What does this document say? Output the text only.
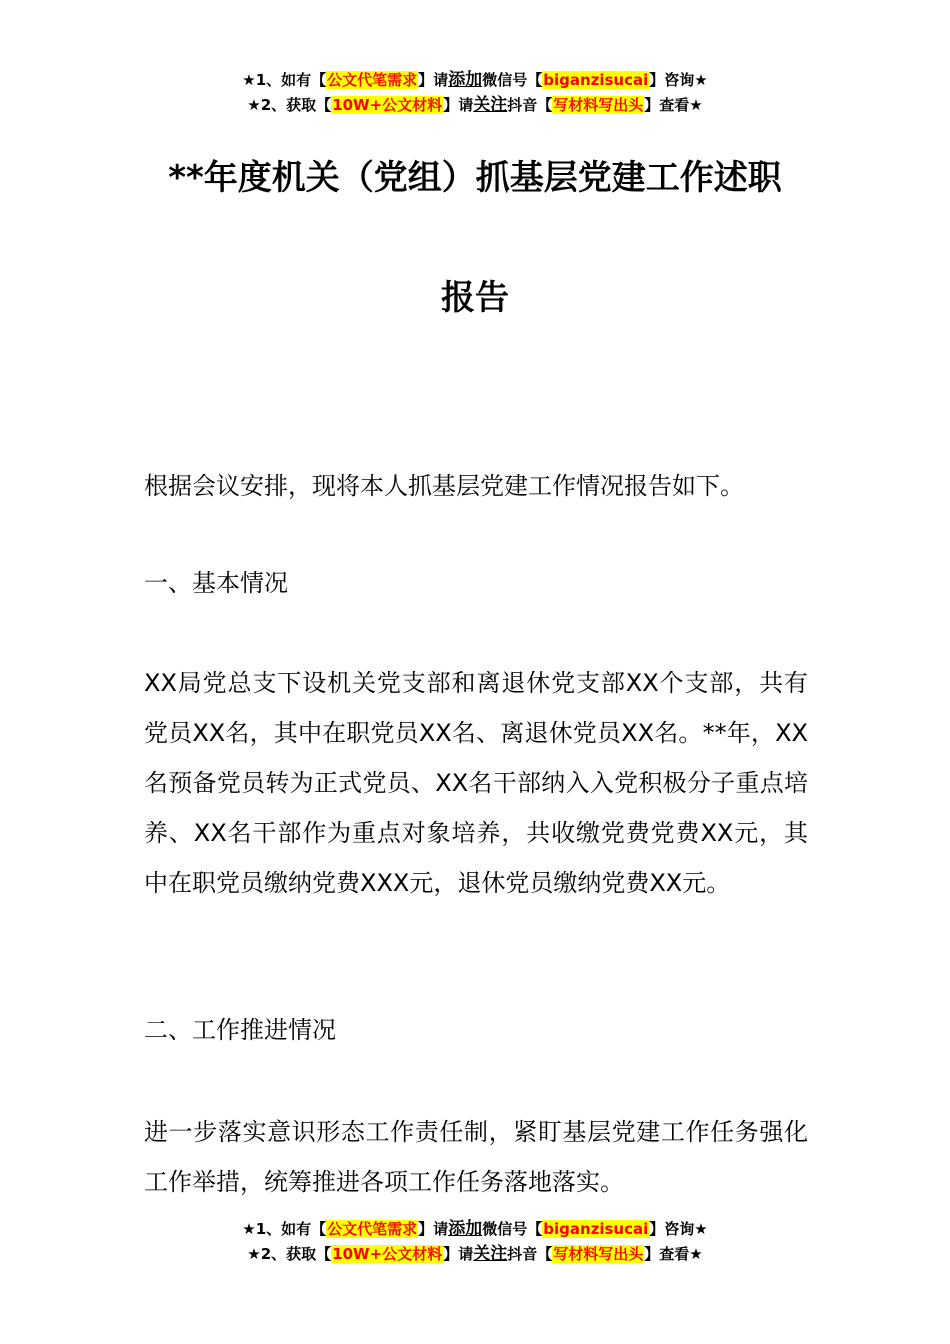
★1、如有【公文代笔需求】请添加微信号【biganzisucai】咨询★
★2、获取【10W+公文材料】请关注抖音【写材料写出头】查看★
**年度机关（党组）抓基层党建工作述职
报告
根据会议安排，现将本人抓基层党建工作情况报告如下。
一、基本情况
XX局党总支下设机关党支部和离退休党支部XX个支部，共有党员XX名，其中在职党员XX名、离退休党员XX名。**年，XX名预备党员转为正式党员、XX名干部纳入入党积极分子重点培养、XX名干部作为重点对象培养，共收缴党费党费XX元，其中在职党员缴纳党费XXX元，退休党员缴纳党费XX元。
二、工作推进情况
进一步落实意识形态工作责任制，紧盯基层党建工作任务强化工作举措，统筹推进各项工作任务落地落实。
★1、如有【公文代笔需求】请添加微信号【biganzisucai】咨询★
★2、获取【10W+公文材料】请关注抖音【写材料写出头】查看★
